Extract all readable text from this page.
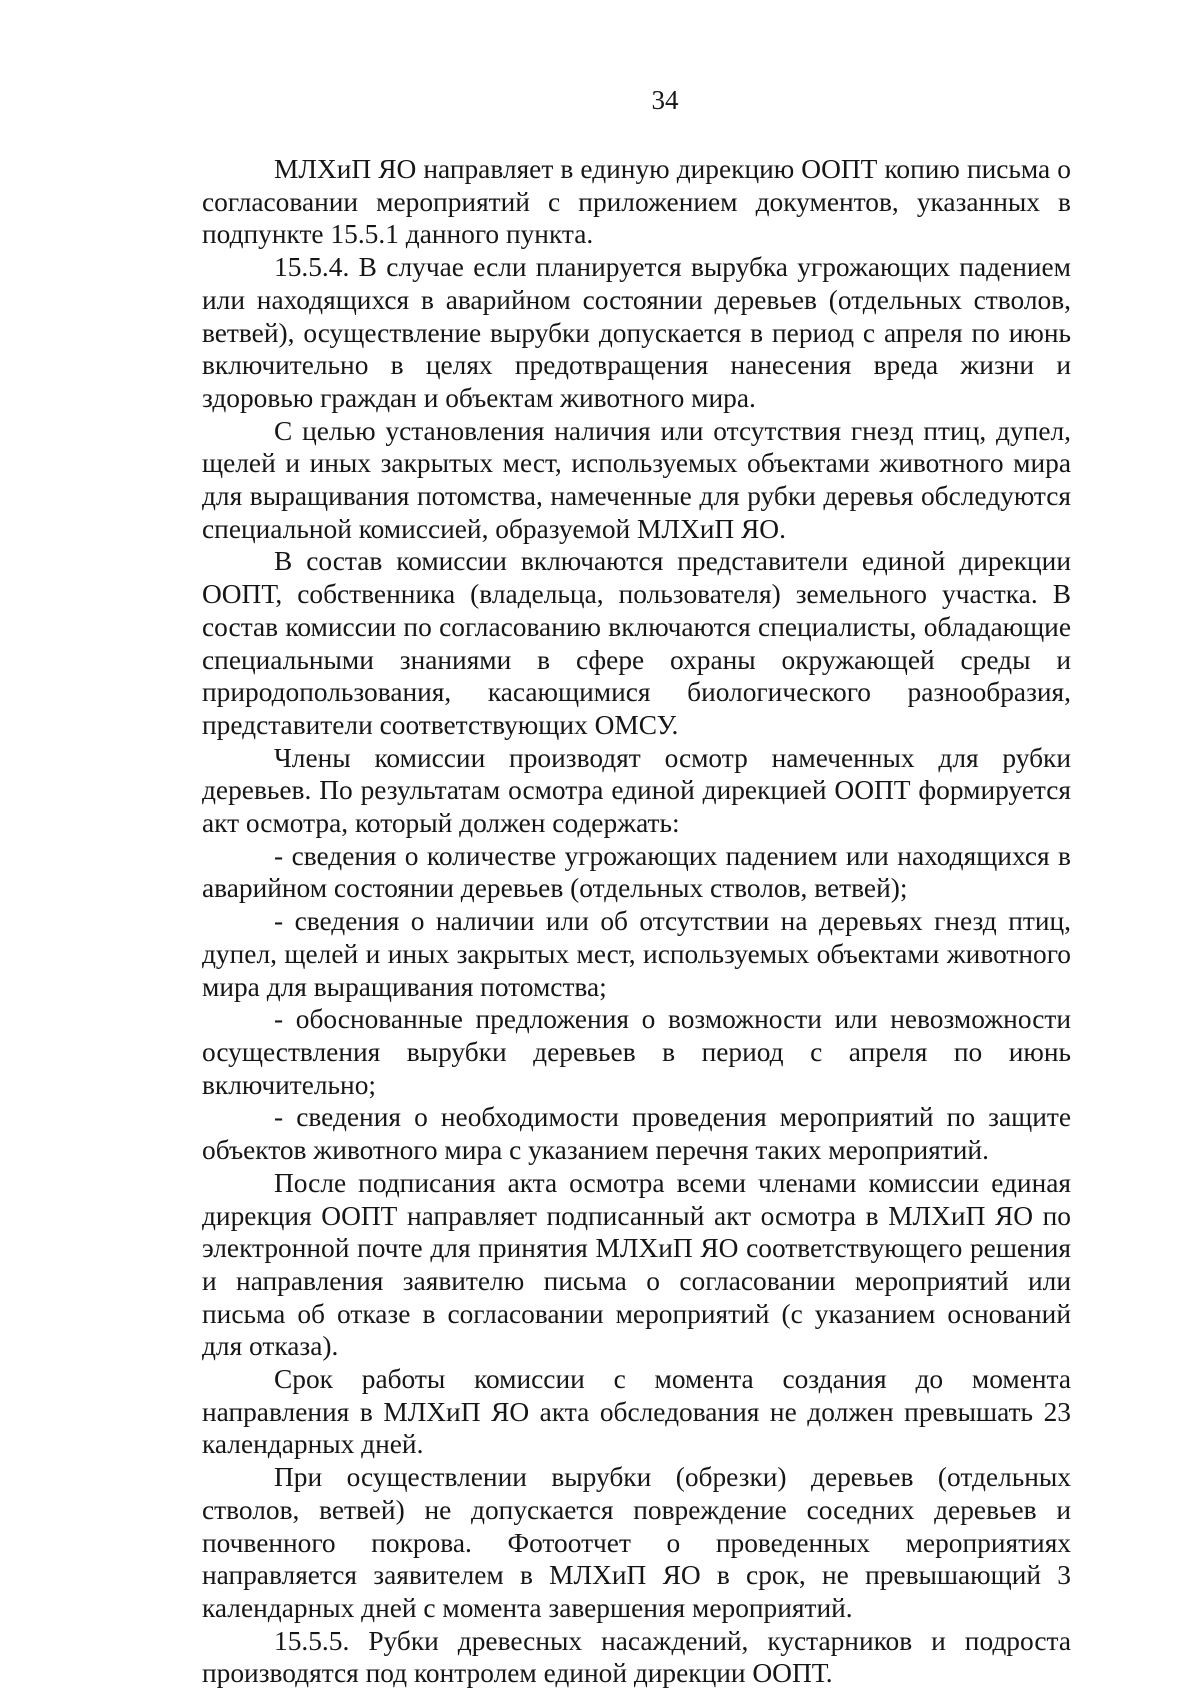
34

МЛХиП ЯО направляет в единую дирекцию ООПТ копию письма о согласовании мероприятий с приложением документов, указанных в подпункте 15.5.1 данного пункта.

15.5.4. В случае если планируется вырубка угрожающих падением или находящихся в аварийном состоянии деревьев (отдельных стволов, ветвей), осуществление вырубки допускается в период с апреля по июнь включительно в целях предотвращения нанесения вреда жизни и здоровью граждан и объектам животного мира.

С целью установления наличия или отсутствия гнезд птиц, дупел, щелей и иных закрытых мест, используемых объектами животного мира для выращивания потомства, намеченные для рубки деревья обследуются специальной комиссией, образуемой МЛХиП ЯО.

В состав комиссии включаются представители единой дирекции ООПТ, собственника (владельца, пользователя) земельного участка. В состав комиссии по согласованию включаются специалисты, обладающие специальными знаниями в сфере охраны окружающей среды и природопользования, касающимися биологического разнообразия, представители соответствующих ОМСУ.

Члены комиссии производят осмотр намеченных для рубки деревьев. По результатам осмотра единой дирекцией ООПТ формируется акт осмотра, который должен содержать:

- сведения о количестве угрожающих падением или находящихся в аварийном состоянии деревьев (отдельных стволов, ветвей);

- сведения о наличии или об отсутствии на деревьях гнезд птиц, дупел, щелей и иных закрытых мест, используемых объектами животного мира для выращивания потомства;

- обоснованные предложения о возможности или невозможности осуществления вырубки деревьев в период с апреля по июнь включительно;

- сведения о необходимости проведения мероприятий по защите объектов животного мира с указанием перечня таких мероприятий.

После подписания акта осмотра всеми членами комиссии единая дирекция ООПТ направляет подписанный акт осмотра в МЛХиП ЯО по электронной почте для принятия МЛХиП ЯО соответствующего решения и направления заявителю письма о согласовании мероприятий или письма об отказе в согласовании мероприятий (с указанием оснований для отказа).

Срок работы комиссии с момента создания до момента направления в МЛХиП ЯО акта обследования не должен превышать 23 календарных дней.

При осуществлении вырубки (обрезки) деревьев (отдельных стволов, ветвей) не допускается повреждение соседних деревьев и почвенного покрова. Фотоотчет о проведенных мероприятиях направляется заявителем в МЛХиП ЯО в срок, не превышающий 3 календарных дней с момента завершения мероприятий.

15.5.5. Рубки древесных насаждений, кустарников и подроста производятся под контролем единой дирекции ООПТ.
